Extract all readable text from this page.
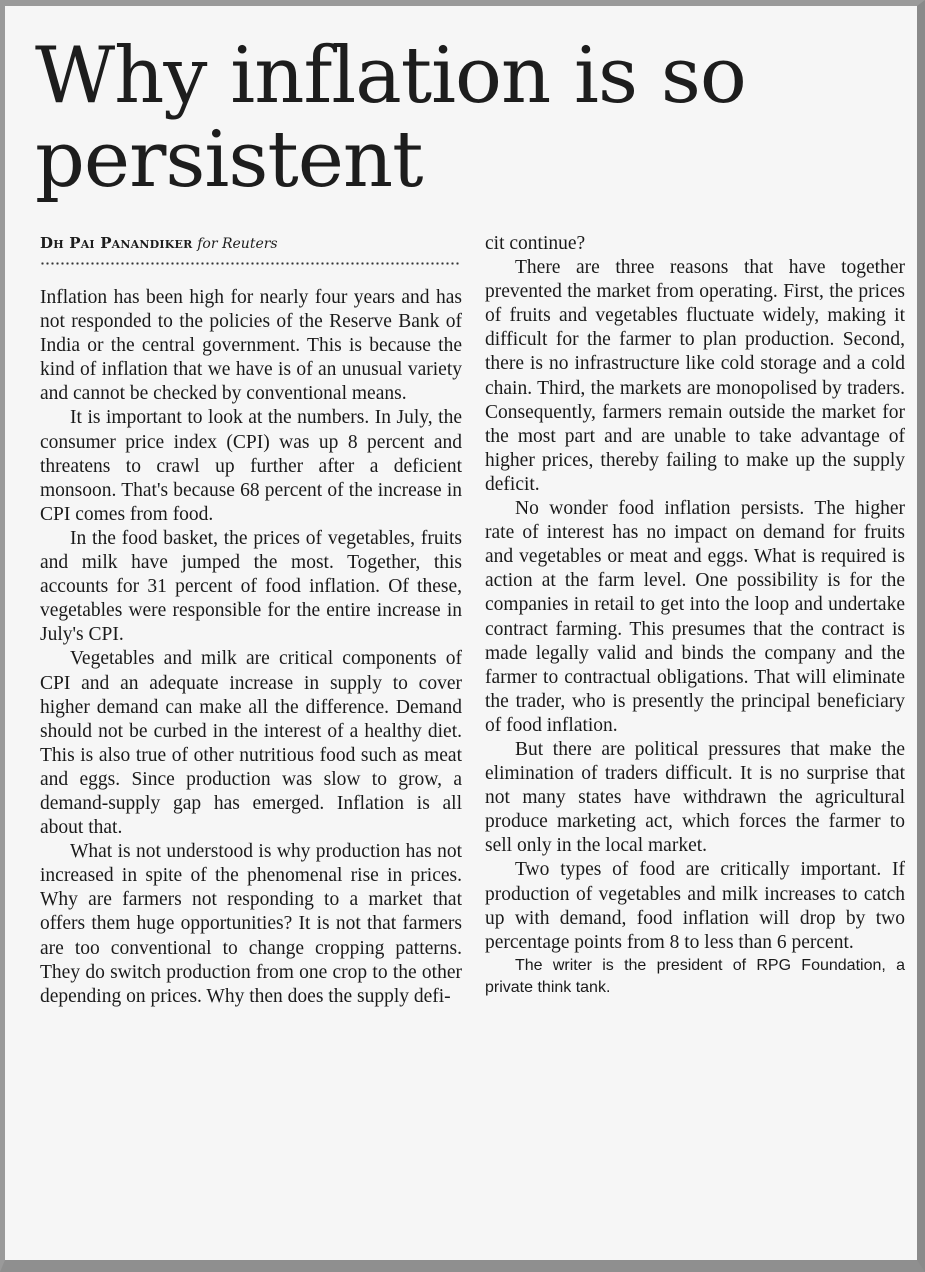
Why inflation is so persistent
Dh Pai Panandiker for Reuters

Inflation has been high for nearly four years and has not responded to the policies of the Reserve Bank of India or the central government. This is because the kind of inflation that we have is of an unusual variety and cannot be checked by conventional means.

It is important to look at the numbers. In July, the consumer price index (CPI) was up 8 percent and threatens to crawl up further after a deficient monsoon. That's because 68 percent of the increase in CPI comes from food.

In the food basket, the prices of vegetables, fruits and milk have jumped the most. Together, this accounts for 31 percent of food inflation. Of these, vegetables were responsible for the entire increase in July's CPI.

Vegetables and milk are critical components of CPI and an adequate increase in supply to cover higher demand can make all the difference. Demand should not be curbed in the interest of a healthy diet. This is also true of other nutritious food such as meat and eggs. Since production was slow to grow, a demand-supply gap has emerged. Inflation is all about that.

What is not understood is why production has not increased in spite of the phenomenal rise in prices. Why are farmers not responding to a market that offers them huge opportunities? It is not that farmers are too conventional to change cropping patterns. They do switch production from one crop to the other depending on prices. Why then does the supply defi-

cit continue?

There are three reasons that have together prevented the market from operating. First, the prices of fruits and vegetables fluctuate widely, making it difficult for the farmer to plan production. Second, there is no infrastructure like cold storage and a cold chain. Third, the markets are monopolised by traders. Consequently, farmers remain outside the market for the most part and are unable to take advantage of higher prices, thereby failing to make up the supply deficit.

No wonder food inflation persists. The higher rate of interest has no impact on demand for fruits and vegetables or meat and eggs. What is required is action at the farm level. One possibility is for the companies in retail to get into the loop and undertake contract farming. This presumes that the contract is made legally valid and binds the company and the farmer to contractual obligations. That will eliminate the trader, who is presently the principal beneficiary of food inflation.

But there are political pressures that make the elimination of traders difficult. It is no surprise that not many states have withdrawn the agricultural produce marketing act, which forces the farmer to sell only in the local market.

Two types of food are critically important. If production of vegetables and milk increases to catch up with demand, food inflation will drop by two percentage points from 8 to less than 6 percent.

The writer is the president of RPG Foundation, a private think tank.
